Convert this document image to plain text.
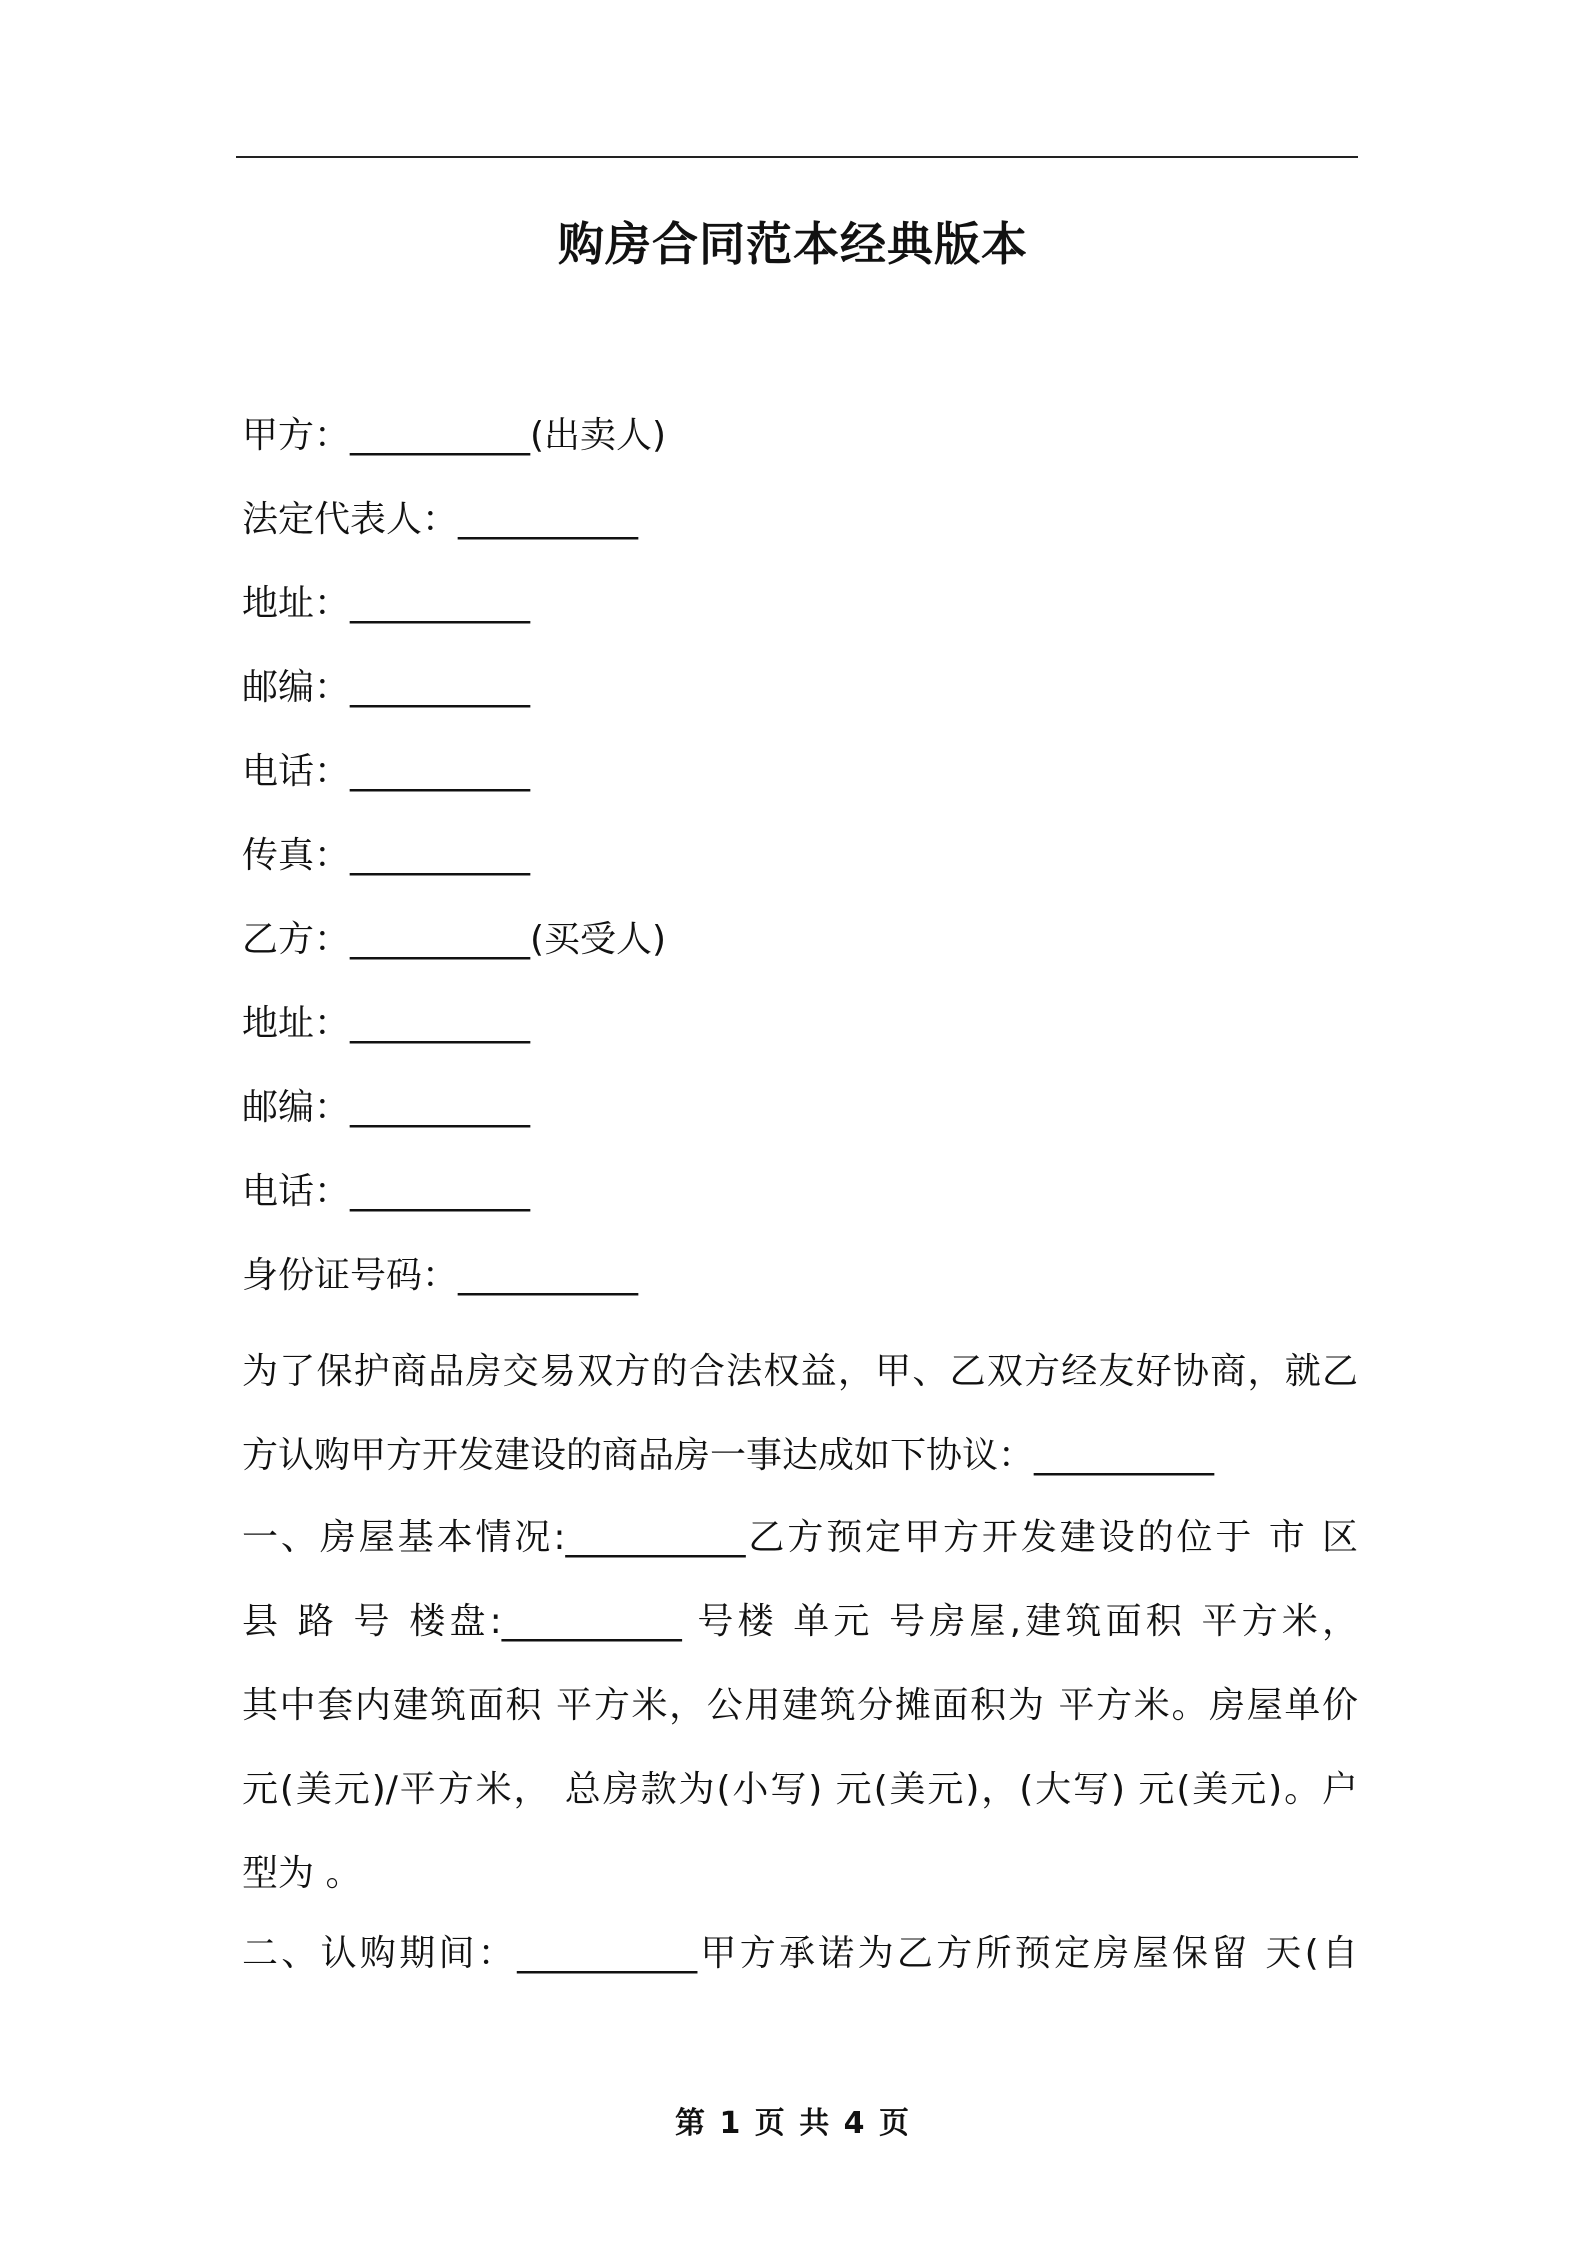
购房合同范本经典版本
甲方：__________(出卖人)
法定代表人：__________
地址：__________
邮编：__________
电话：__________
传真：__________
乙方：__________(买受人)
地址：__________
邮编：__________
电话：__________
身份证号码：__________
为了保护商品房交易双方的合法权益，甲、乙双方经友好协商，就乙
方认购甲方开发建设的商品房一事达成如下协议：__________
一、房屋基本情况:__________乙方预定甲方开发建设的位于 市 区
县 路 号 楼盘:__________ 号楼 单元 号房屋,建筑面积 平方米，
其中套内建筑面积 平方米，公用建筑分摊面积为 平方米。房屋单价
元(美元)/平方米， 总房款为(小写) 元(美元)，(大写) 元(美元)。户
型为 。
二、认购期间：__________甲方承诺为乙方所预定房屋保留 天(自
第 1 页 共 4 页
